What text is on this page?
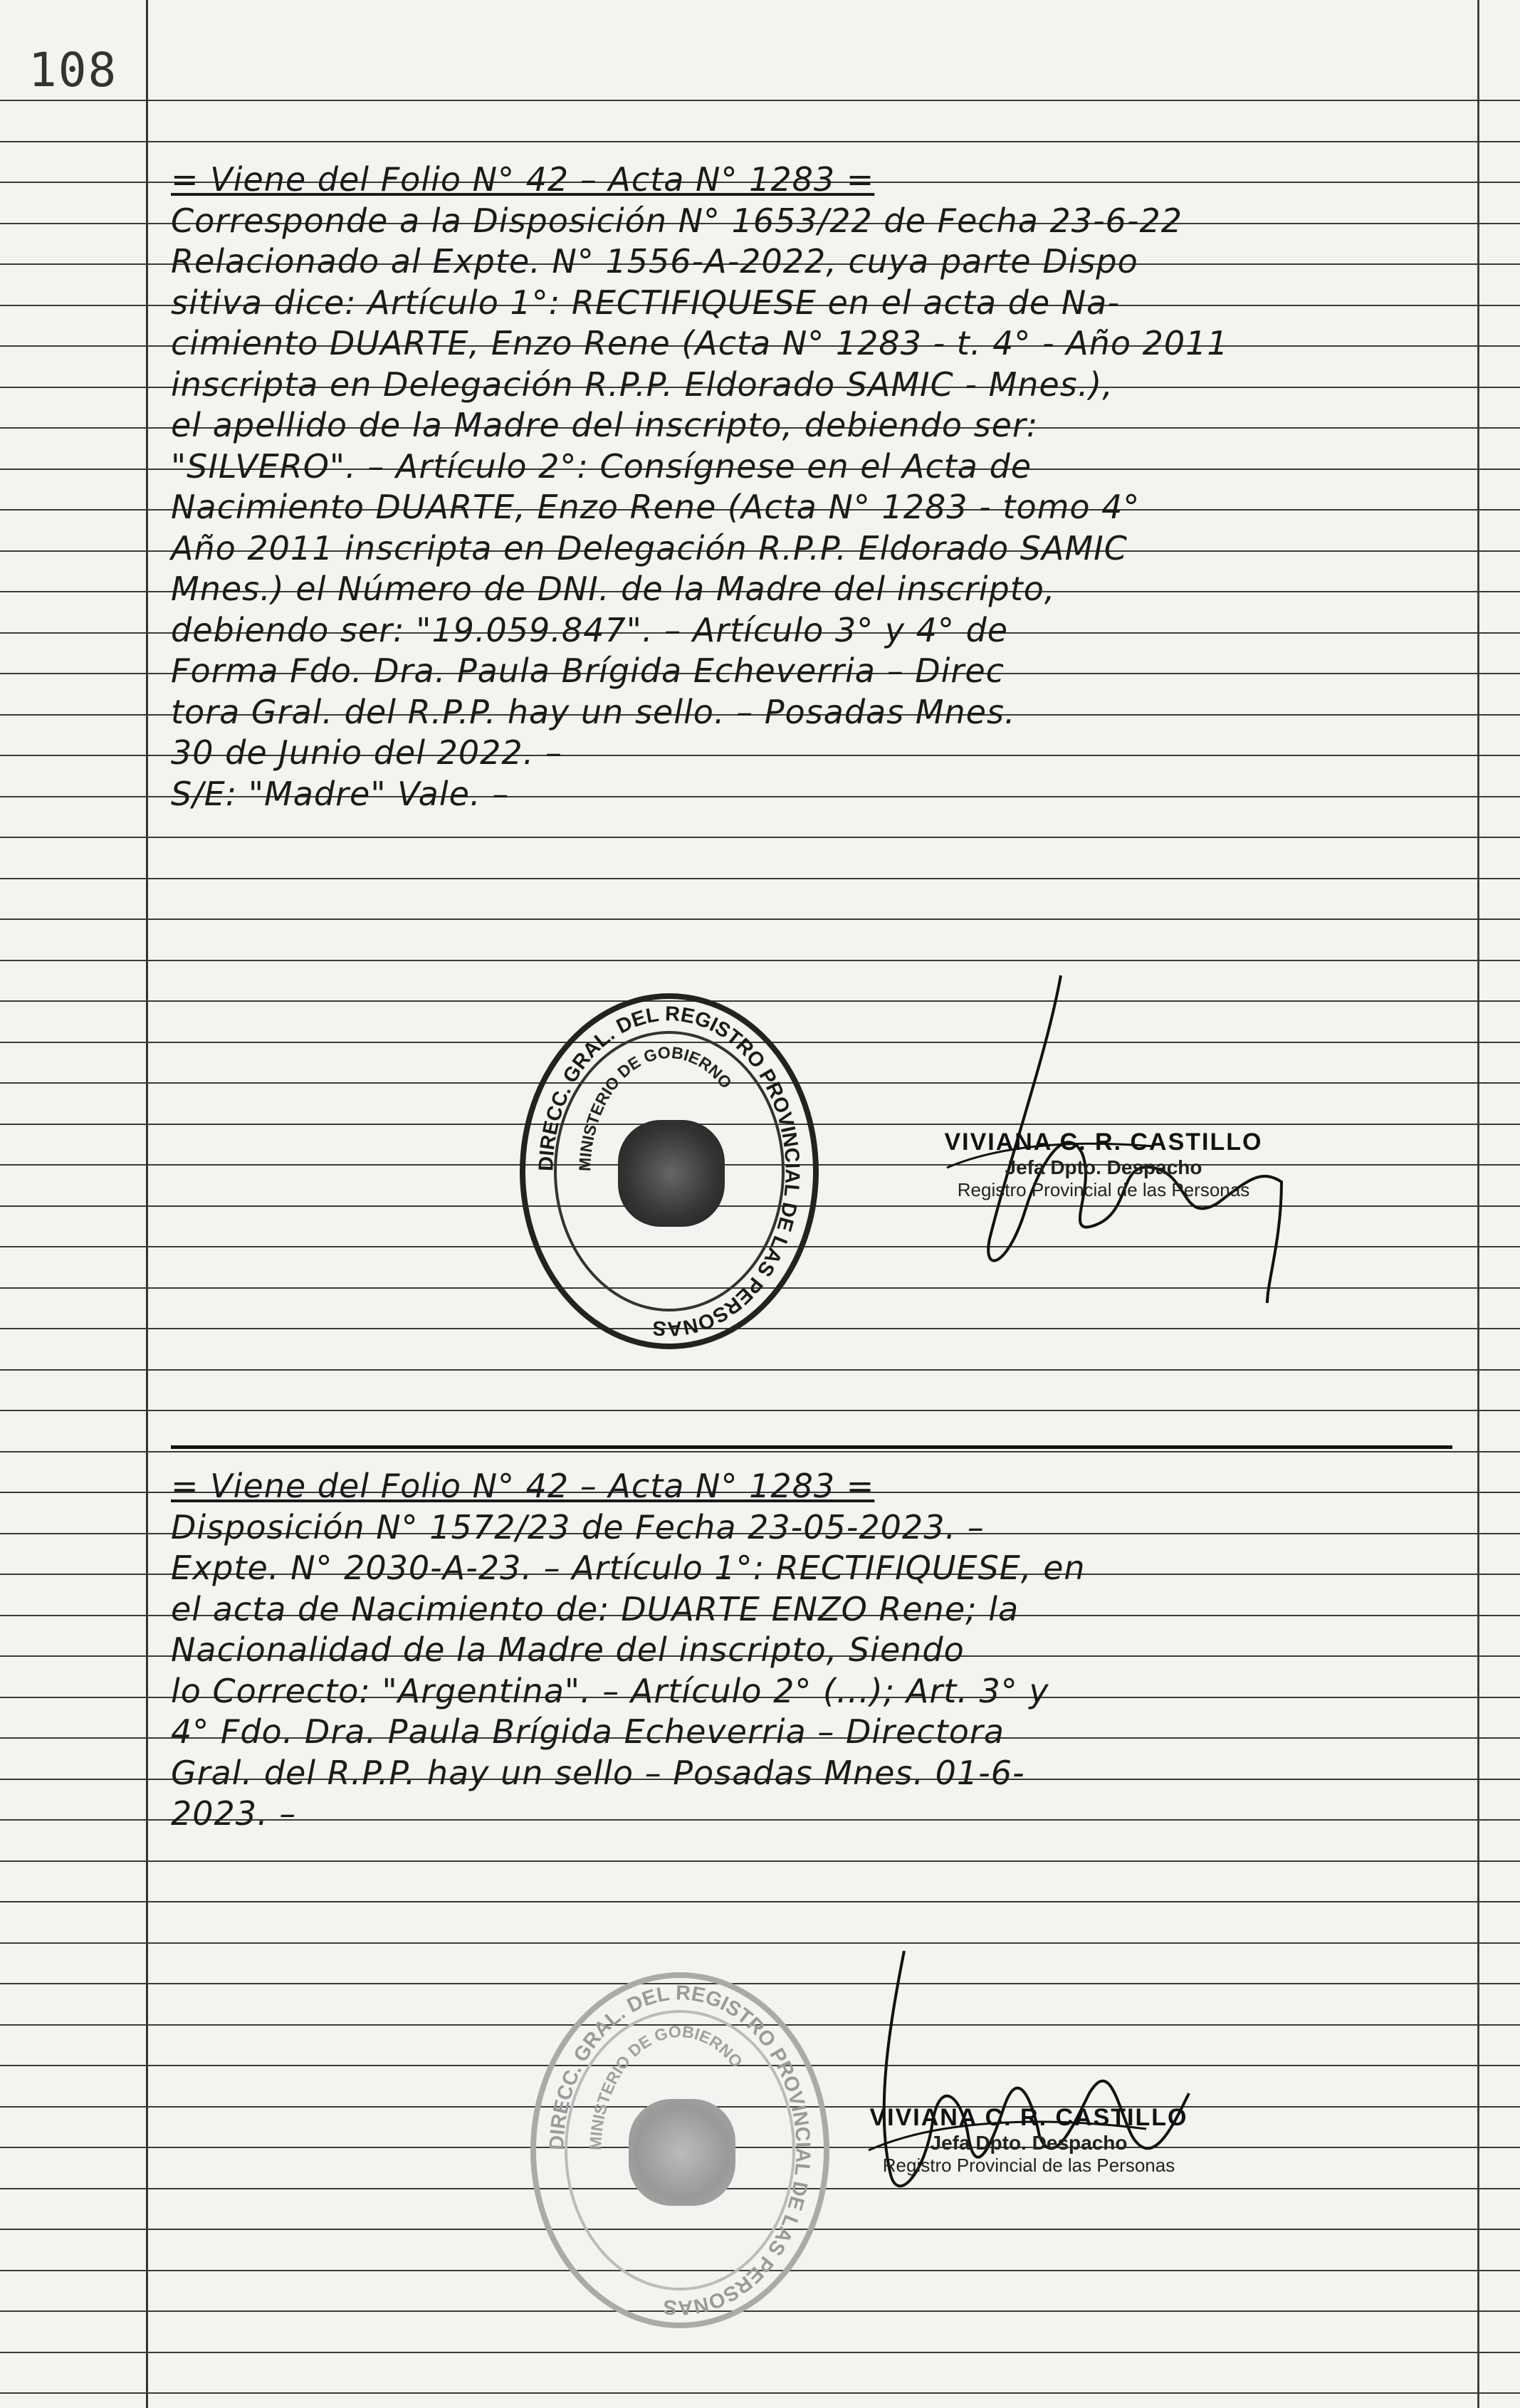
108
= Viene del Folio N° 42 – Acta N° 1283 =
Corresponde a la Disposición N° 1653/22 de Fecha 23-6-22
Relacionado al Expte. N° 1556-A-2022, cuya parte Dispo
sitiva dice: Artículo 1°: RECTIFIQUESE en el acta de Na-
cimiento DUARTE, Enzo Rene (Acta N° 1283 - t. 4° - Año 2011
inscripta en Delegación R.P.P. Eldorado SAMIC - Mnes.),
el apellido de la Madre del inscripto, debiendo ser:
"SILVERO". – Artículo 2°: Consígnese en el Acta de
Nacimiento DUARTE, Enzo Rene (Acta N° 1283 - tomo 4°
Año 2011 inscripta en Delegación R.P.P. Eldorado SAMIC
Mnes.) el Número de DNI. de la Madre del inscripto,
debiendo ser: "19.059.847". – Artículo 3° y 4° de
Forma Fdo. Dra. Paula Brígida Echeverria – Direc
tora Gral. del R.P.P. hay un sello. – Posadas Mnes.
30 de Junio del 2022. –
S/E: "Madre" Vale. –
DIRECC. GRAL. DEL REGISTRO PROVINCIAL DE LAS PERSONAS
MINISTERIO DE GOBIERNO
VIVIANA C. R. CASTILLO
Jefa Dpto. Despacho
Registro Provincial de las Personas
= Viene del Folio N° 42 – Acta N° 1283 =
Disposición N° 1572/23 de Fecha 23-05-2023. –
Expte. N° 2030-A-23. – Artículo 1°: RECTIFIQUESE, en
el acta de Nacimiento de: DUARTE ENZO Rene; la
Nacionalidad de la Madre del inscripto, Siendo
lo Correcto: "Argentina". – Artículo 2° (...); Art. 3° y
4° Fdo. Dra. Paula Brígida Echeverria – Directora
Gral. del R.P.P. hay un sello – Posadas Mnes. 01-6-
2023. –
DIRECC. GRAL. DEL REGISTRO PROVINCIAL DE LAS PERSONAS
MINISTERIO DE GOBIERNO
VIVIANA C. R. CASTILLO
Jefa Dpto. Despacho
Registro Provincial de las Personas
